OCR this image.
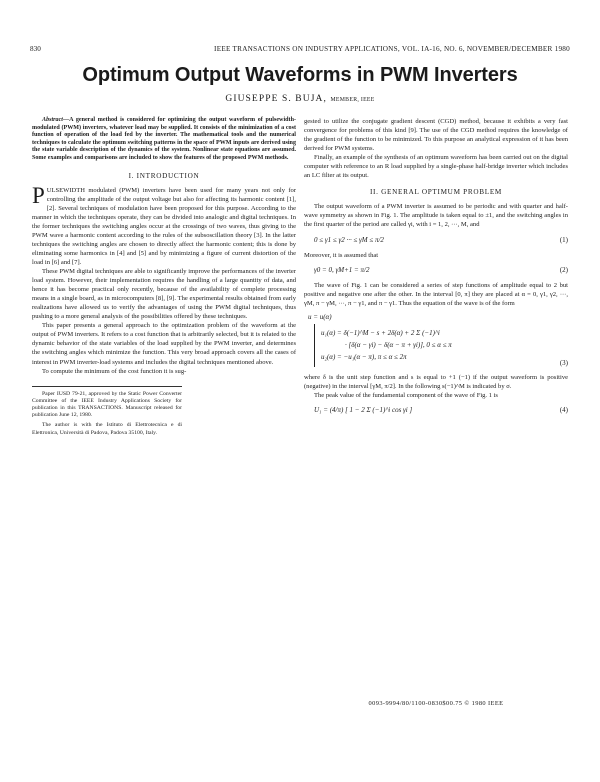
830	IEEE TRANSACTIONS ON INDUSTRY APPLICATIONS, VOL. IA-16, NO. 6, NOVEMBER/DECEMBER 1980
Optimum Output Waveforms in PWM Inverters
GIUSEPPE S. BUJA, MEMBER, IEEE

Abstract—A general method is considered for optimizing the output waveform of pulsewidth-modulated (PWM) inverters, whatever load may be supplied. It consists of the minimization of a cost function of operation of the load fed by the inverter. The mathematical tools and the numerical techniques to calculate the optimum switching patterns in the space of PWM inputs are derived using the state variable description of the dynamics of the system. Nonlinear state equations are assumed. Some examples and comparisons are included to show the features of the proposed PWM methods.

I. INTRODUCTION

PULSEWIDTH modulated (PWM) inverters have been used for many years not only for controlling the amplitude of the output voltage but also for affecting its harmonic content [1], [2]. Several techniques of modulation have been proposed for this purpose. According to the manner in which the techniques operate, they can be divided into analogic and digital techniques. In the former techniques the switching angles occur at the crossings of two waves, thus giving to the PWM wave a harmonic content according to the rules of the subsoscillation theory [3]. In the latter techniques the switching angles are chosen to directly affect the harmonic content; this is done by eliminating some harmonics in [4] and [5] and by minimizing a figure of current distortion of the load in [6] and [7].

These PWM digital techniques are able to significantly improve the performances of the inverter load system. However, their implementation requires the handling of a large quantity of data, and hence it has become practical only recently, because of the availability of complete processing means in a single board, as in microcomputers [8], [9]. The experimental results obtained from early realizations have allowed us to verify the advantages of using the PWM digital techniques, thus pushing to a more general analysis of the possibilities offered by these techniques.

This paper presents a general approach to the optimization problem of the waveform at the output of PWM inverters. It refers to a cost function that is arbitrarily selected, but it is related to the dynamic behavior of the state variables of the load supplied by the PWM inverter, and determines the switching angles which minimize the function. This very broad approach covers all the cases of interest in PWM inverter-load systems and includes the digital techniques mentioned above.

To compute the minimum of the cost function it is sug-

Paper IUSD 79-21, approved by the Static Power Converter Committee of the IEEE Industry Applications Society for publication in this TRANSACTIONS. Manuscript released for publication June 12, 1980.

The author is with the Istituto di Elettrotecnica e di Elettronica, Università di Padova, Padova 35100, Italy.

gested to utilize the conjugate gradient descent (CGD) method, because it exhibits a very fast convergence for problems of this kind [9]. The use of the CGD method requires the knowledge of the gradient of the function to be minimized. To this purpose an analytical expression of it has been derived for PWM systems.

Finally, an example of the synthesis of an optimum waveform has been carried out on the digital computer with reference to an R load supplied by a single-phase half-bridge inverter which includes an LC filter at its output.

II. GENERAL OPTIMUM PROBLEM

The output waveform of a PWM inverter is assumed to be periodic and with quarter and half-wave symmetry as shown in Fig. 1. The amplitude is taken equal to ±1, and the switching angles in the first quarter of the period are called γi, with i = 1, 2, ···, M, and

0 ≤ γ1 ≤ γ2 ··· ≤ γM ≤ π/2	(1)

Moreover, it is assumed that

γ0 = 0, γM+1 = π/2	(2)

The wave of Fig. 1 can be considered a series of step functions of amplitude equal to 2 but positive and negative one after the other. In the interval [0, π] they are placed at α = 0, γ1, γ2, ···, γM, π − γM, ···, π − γ1, and π − γ1. Thus the equation of the wave is of the form

u = u(α)
u₁(α) = δ(−1)^M − s + 2δ(α) + 2 Σ (−1)^i
· [δ(α − γi) − δ(α − π + γi)], 0 ≤ α ≤ π
u₂(α) = −u₁(α − π), π ≤ α ≤ 2π
(3)

where δ is the unit step function and s is equal to +1 (−1) if the output waveform is positive (negative) in the interval [γM, π/2]. In the following s(−1)^M is indicated by σ.

The peak value of the fundamental component of the wave of Fig. 1 is

U₁ = (4/π) [ 1 − 2 Σ (−1)^i cos γi ]	(4)
0093-9994/80/1100-0830$00.75 © 1980 IEEE
